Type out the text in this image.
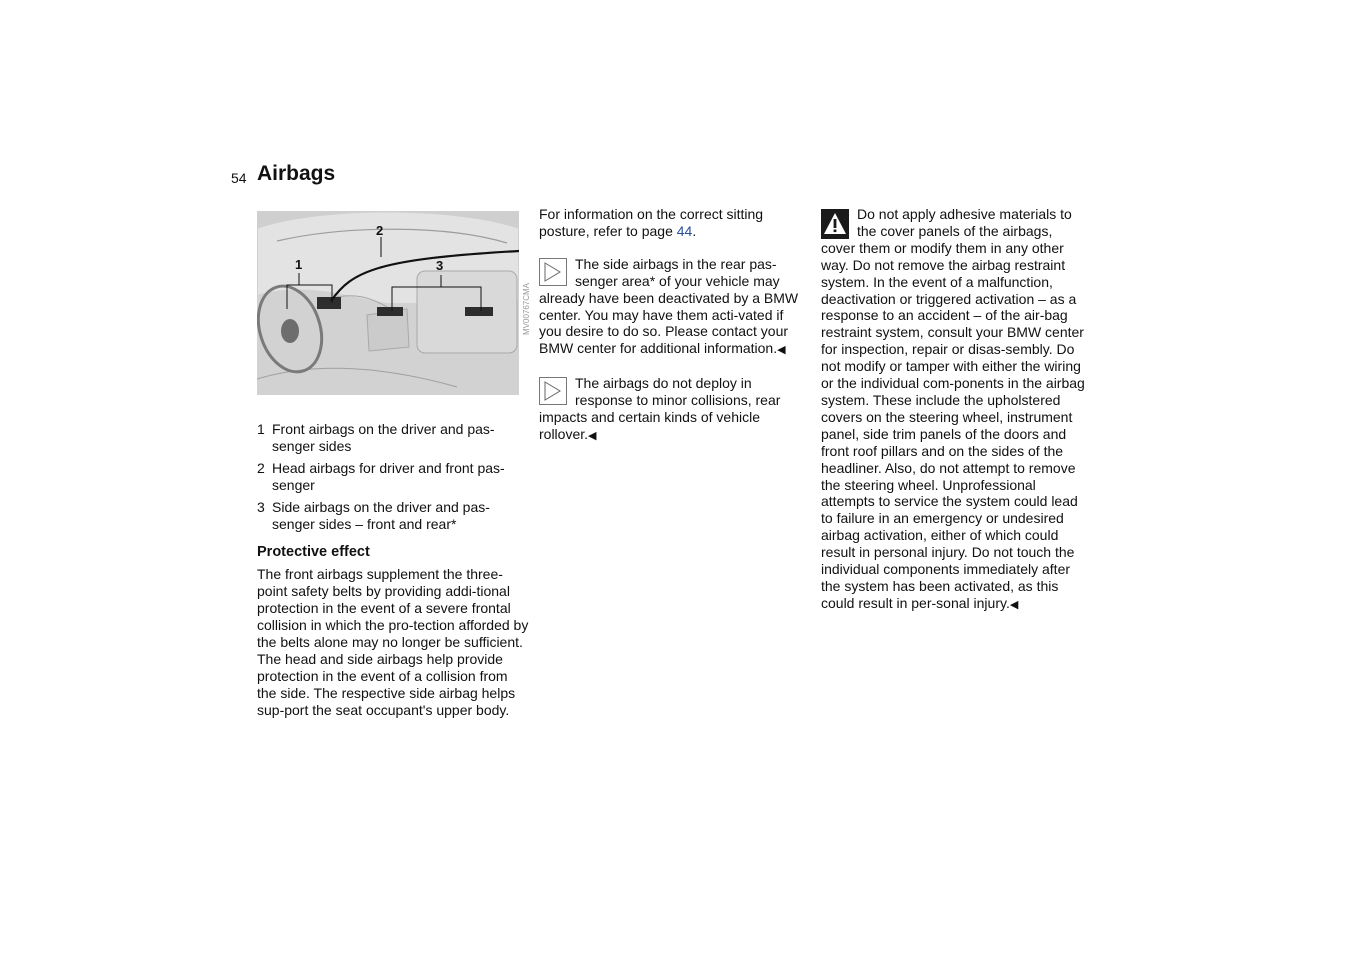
54 Airbags
1
2
3
MV00767CMA
1 Front airbags on the driver and pas-senger sides
2 Head airbags for driver and front pas-senger
3 Side airbags on the driver and pas-senger sides – front and rear*
Protective effect

The front airbags supplement the three-point safety belts by providing addi-tional protection in the event of a severe frontal collision in which the pro-tection afforded by the belts alone may no longer be sufficient. The head and side airbags help provide protection in the event of a collision from the side. The respective side airbag helps sup-port the seat occupant's upper body.

For information on the correct sitting posture, refer to page 44.

The side airbags in the rear pas-senger area* of your vehicle may already have been deactivated by a BMW center. You may have them acti-vated if you desire to do so. Please contact your BMW center for additional information.◀
The airbags do not deploy in response to minor collisions, rear impacts and certain kinds of vehicle rollover.◀
Do not apply adhesive materials to the cover panels of the airbags, cover them or modify them in any other way. Do not remove the airbag restraint system. In the event of a malfunction, deactivation or triggered activation – as a response to an accident – of the air-bag restraint system, consult your BMW center for inspection, repair or disas-sembly. Do not modify or tamper with either the wiring or the individual com-ponents in the airbag system. These include the upholstered covers on the steering wheel, instrument panel, side trim panels of the doors and front roof pillars and on the sides of the headliner. Also, do not attempt to remove the steering wheel. Unprofessional attempts to service the system could lead to failure in an emergency or undesired airbag activation, either of which could result in personal injury. Do not touch the individual components immediately after the system has been activated, as this could result in per-sonal injury.◀
